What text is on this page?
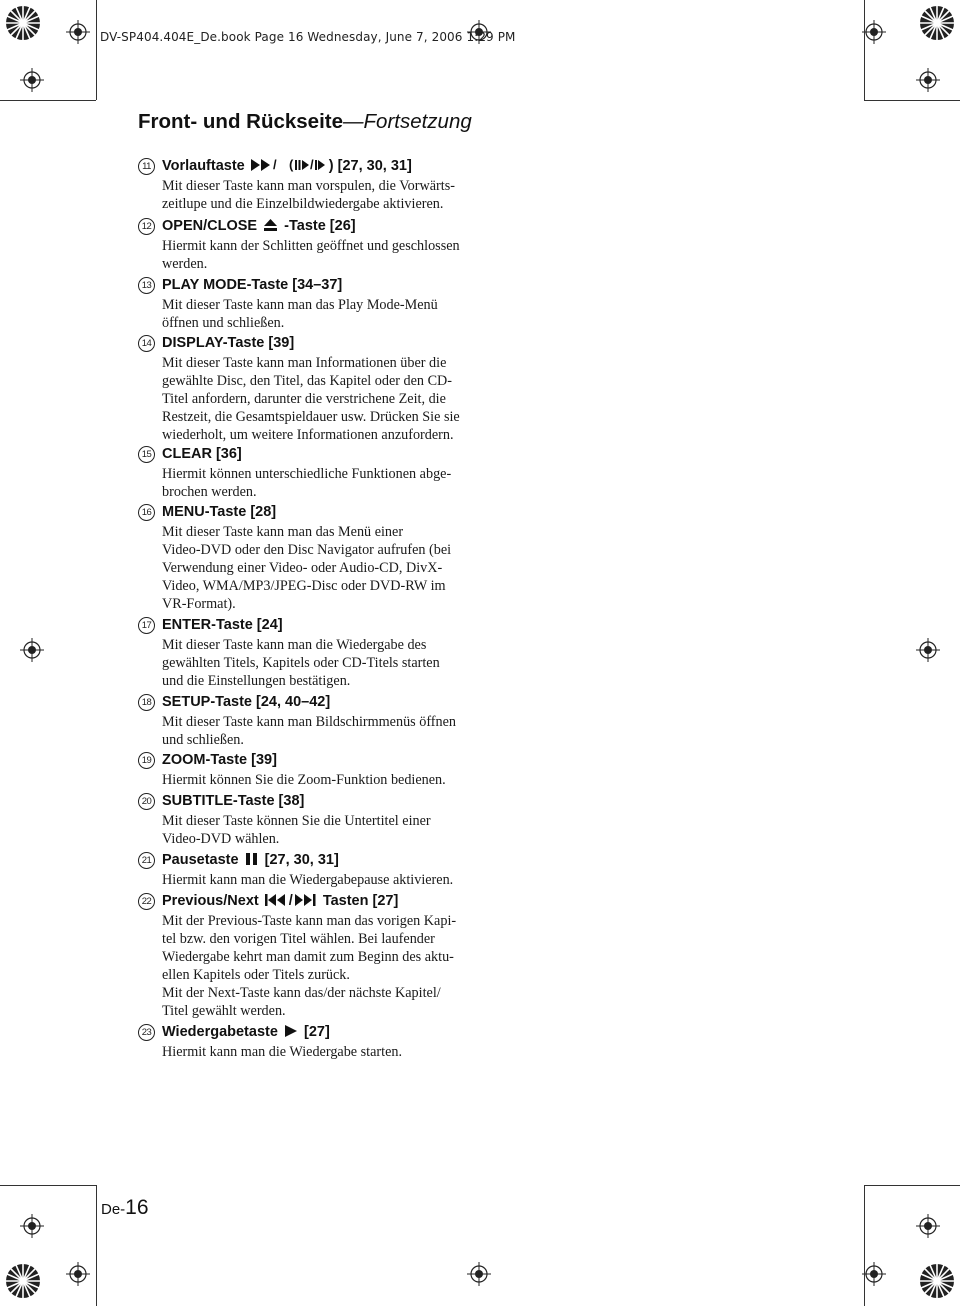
DV-SP404.404E_De.book Page 16 Wednesday, June 7, 2006 1:29 PM
Front- und Rückseite—Fortsetzung
11 Vorlauftaste / ( / ) [27, 30, 31]
Mit dieser Taste kann man vorspulen, die Vorwärts-
zeitlupe und die Einzelbildwiedergabe aktivieren.
12 OPEN/CLOSE -Taste [26]
Hiermit kann der Schlitten geöffnet und geschlossen
werden.
13 PLAY MODE-Taste [34–37]
Mit dieser Taste kann man das Play Mode-Menü
öffnen und schließen.
14 DISPLAY-Taste [39]
Mit dieser Taste kann man Informationen über die
gewählte Disc, den Titel, das Kapitel oder den CD-
Titel anfordern, darunter die verstrichene Zeit, die
Restzeit, die Gesamtspieldauer usw. Drücken Sie sie
wiederholt, um weitere Informationen anzufordern.
15 CLEAR [36]
Hiermit können unterschiedliche Funktionen abge-
brochen werden.
16 MENU-Taste [28]
Mit dieser Taste kann man das Menü einer
Video-DVD oder den Disc Navigator aufrufen (bei
Verwendung einer Video- oder Audio-CD, DivX-
Video, WMA/MP3/JPEG-Disc oder DVD-RW im
VR-Format).
17 ENTER-Taste [24]
Mit dieser Taste kann man die Wiedergabe des
gewählten Titels, Kapitels oder CD-Titels starten
und die Einstellungen bestätigen.
18 SETUP-Taste [24, 40–42]
Mit dieser Taste kann man Bildschirmmenüs öffnen
und schließen.
19 ZOOM-Taste [39]
Hiermit können Sie die Zoom-Funktion bedienen.
20 SUBTITLE-Taste [38]
Mit dieser Taste können Sie die Untertitel einer
Video-DVD wählen.
21 Pausetaste [27, 30, 31]
Hiermit kann man die Wiedergabepause aktivieren.
22 Previous/Next / Tasten [27]
Mit der Previous-Taste kann man das vorigen Kapi-
tel bzw. den vorigen Titel wählen. Bei laufender
Wiedergabe kehrt man damit zum Beginn des aktu-
ellen Kapitels oder Titels zurück.
Mit der Next-Taste kann das/der nächste Kapitel/
Titel gewählt werden.
23 Wiedergabetaste [27]
Hiermit kann man die Wiedergabe starten.
De-16
